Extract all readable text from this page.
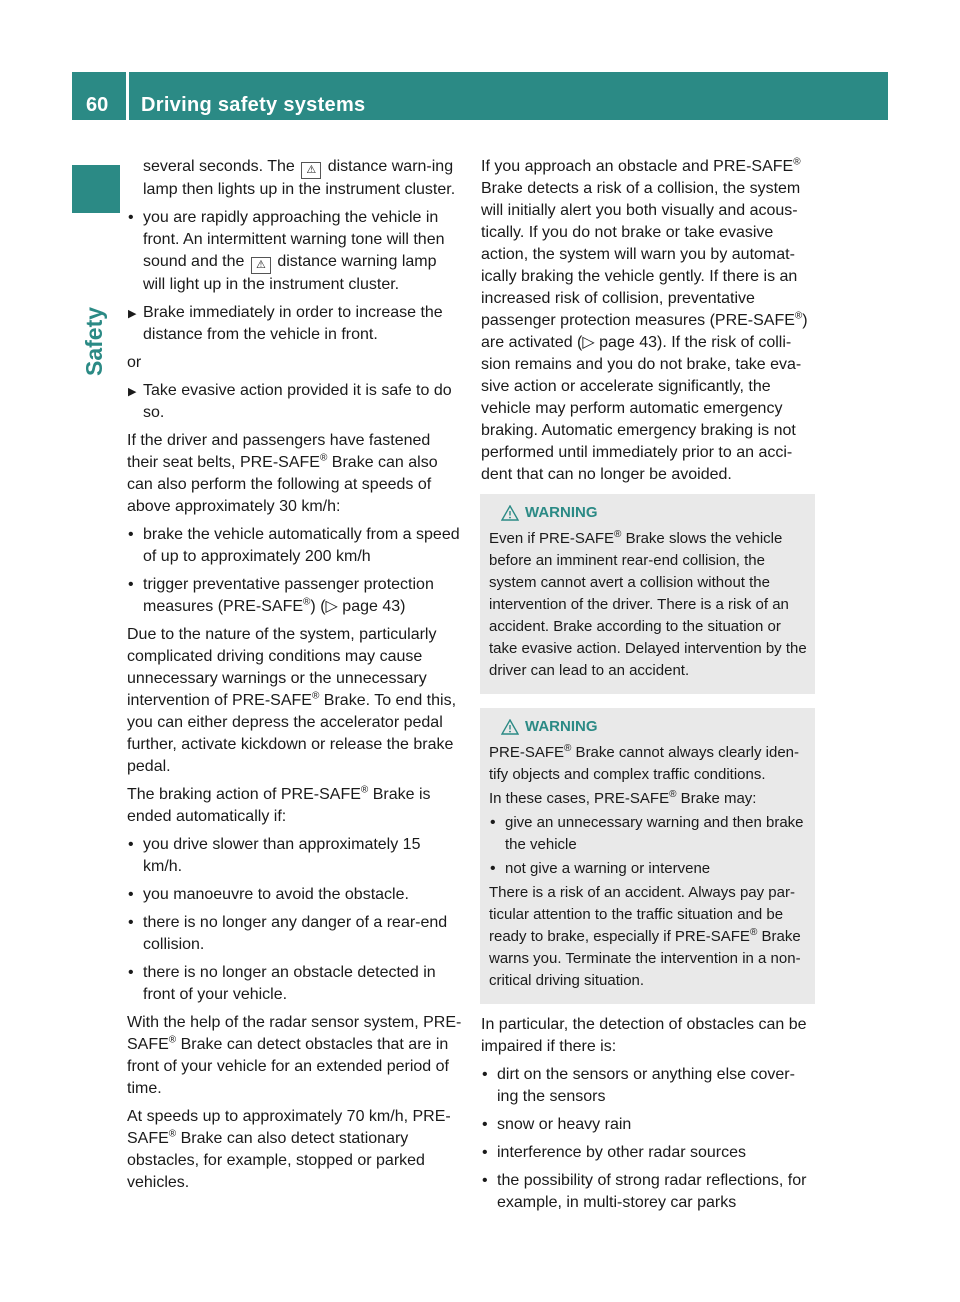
60 Driving safety systems
Safety

several seconds. The ⚠ distance warn-ing lamp then lights up in the instrument cluster.

• you are rapidly approaching the vehicle in front. An intermittent warning tone will then sound and the ⚠ distance warning lamp will light up in the instrument cluster.
▶ Brake immediately in order to increase the distance from the vehicle in front.

or

▶ Take evasive action provided it is safe to do so.

If the driver and passengers have fastened their seat belts, PRE-SAFE® Brake can also can also perform the following at speeds of above approximately 30 km/h:

• brake the vehicle automatically from a speed of up to approximately 200 km/h
• trigger preventative passenger protection measures (PRE-SAFE®) (▷ page 43)

Due to the nature of the system, particularly complicated driving conditions may cause unnecessary warnings or the unnecessary intervention of PRE-SAFE® Brake. To end this, you can either depress the accelerator pedal further, activate kickdown or release the brake pedal.

The braking action of PRE-SAFE® Brake is ended automatically if:

• you drive slower than approximately 15 km/h.
• you manoeuvre to avoid the obstacle.
• there is no longer any danger of a rear-end collision.
• there is no longer an obstacle detected in front of your vehicle.

With the help of the radar sensor system, PRE-SAFE® Brake can detect obstacles that are in front of your vehicle for an extended period of time.

At speeds up to approximately 70 km/h, PRE-SAFE® Brake can also detect stationary obstacles, for example, stopped or parked vehicles.

If you approach an obstacle and PRE-SAFE® Brake detects a risk of a collision, the system will initially alert you both visually and acous-tically. If you do not brake or take evasive action, the system will warn you by automat-ically braking the vehicle gently. If there is an increased risk of collision, preventative passenger protection measures (PRE-SAFE®) are activated (▷ page 43). If the risk of colli-sion remains and you do not brake, take eva-sive action or accelerate significantly, the vehicle may perform automatic emergency braking. Automatic emergency braking is not performed until immediately prior to an acci-dent that can no longer be avoided.

WARNING

Even if PRE-SAFE® Brake slows the vehicle before an imminent rear-end collision, the system cannot avert a collision without the intervention of the driver. There is a risk of an accident. Brake according to the situation or take evasive action. Delayed intervention by the driver can lead to an accident.

WARNING

PRE-SAFE® Brake cannot always clearly iden-tify objects and complex traffic conditions.

In these cases, PRE-SAFE® Brake may:

• give an unnecessary warning and then brake the vehicle
• not give a warning or intervene

There is a risk of an accident. Always pay par-ticular attention to the traffic situation and be ready to brake, especially if PRE-SAFE® Brake warns you. Terminate the intervention in a non-critical driving situation.

In particular, the detection of obstacles can be impaired if there is:

• dirt on the sensors or anything else cover-ing the sensors
• snow or heavy rain
• interference by other radar sources
• the possibility of strong radar reflections, for example, in multi-storey car parks
